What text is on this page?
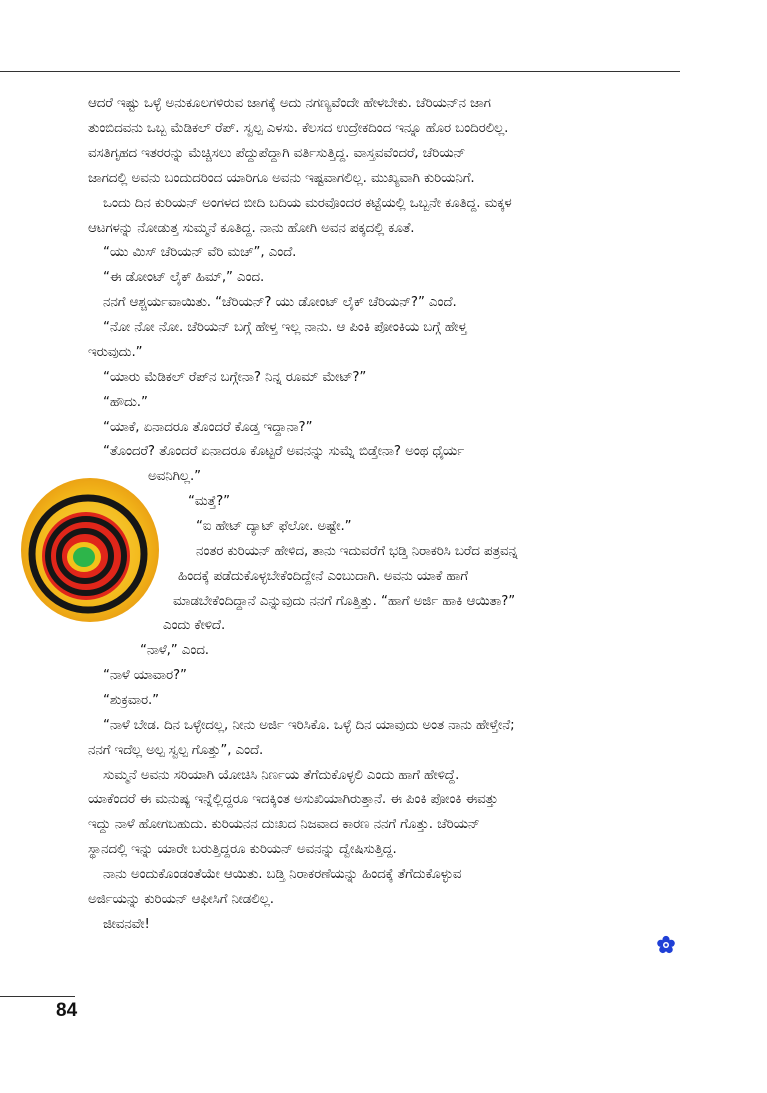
ಆದರೆ ಇಷ್ಟು ಒಳ್ಳೆ ಅನುಕೂಲಗಳಿರುವ ಜಾಗಕ್ಕೆ ಅದು ನಗಣ್ಯವೆಂದೇ ಹೇಳಬೇಕು. ಚೆರಿಯನ್‌ನ ಜಾಗ
ತುಂಬಿದವನು ಒಬ್ಬ ಮೆಡಿಕಲ್ ರೆಪ್. ಸ್ವಲ್ಪ ಎಳಸು. ಕೆಲಸದ ಉದ್ರೇಕದಿಂದ ಇನ್ನೂ ಹೊರ ಬಂದಿರಲಿಲ್ಲ.
ವಸತಿಗೃಹದ ಇತರರನ್ನು ಮೆಚ್ಚಿಸಲು ಪೆದ್ದುಪೆದ್ದಾಗಿ ವರ್ತಿಸುತ್ತಿದ್ದ. ವಾಸ್ತವವೆಂದರೆ, ಚೆರಿಯನ್
ಜಾಗದಲ್ಲಿ ಅವನು ಬಂದುದರಿಂದ ಯಾರಿಗೂ ಅವನು ಇಷ್ಟವಾಗಲಿಲ್ಲ. ಮುಖ್ಯವಾಗಿ ಕುರಿಯನಿಗೆ.
ಒಂದು ದಿನ ಕುರಿಯನ್ ಅಂಗಳದ ಬೀದಿ ಬದಿಯ ಮರವೊಂದರ ಕಟ್ಟೆಯಲ್ಲಿ ಒಬ್ಬನೇ ಕೂತಿದ್ದ. ಮಕ್ಕಳ
ಆಟಗಳನ್ನು ನೋಡುತ್ತ ಸುಮ್ಮನೆ ಕೂತಿದ್ದ. ನಾನು ಹೋಗಿ ಅವನ ಪಕ್ಕದಲ್ಲಿ ಕೂತೆ.
“ಯು ಮಿಸ್ ಚೆರಿಯನ್ ವೆರಿ ಮಚ್”, ಎಂದೆ.
“ಈ ಡೋಂಟ್ ಲೈಕ್ ಹಿಮ್,” ಎಂದ.
ನನಗೆ ಆಶ್ಚರ್ಯವಾಯಿತು. “ಚೆರಿಯನ್? ಯು ಡೋಂಟ್ ಲೈಕ್ ಚೆರಿಯನ್?” ಎಂದೆ.
“ನೋ ನೋ ನೋ. ಚೆರಿಯನ್ ಬಗ್ಗೆ ಹೇಳ್ತ ಇಲ್ಲ ನಾನು. ಆ ಪಿಂಕಿ ಪೋಂಕಿಯ ಬಗ್ಗೆ ಹೇಳ್ತ
ಇರುವುದು.”
“ಯಾರು ಮೆಡಿಕಲ್ ರೆಪ್‌ನ ಬಗ್ಗೇನಾ? ನಿನ್ನ ರೂಮ್ ಮೇಟ್?”
“ಹೌದು.”
“ಯಾಕೆ, ಏನಾದರೂ ತೊಂದರೆ ಕೊಡ್ತ ಇದ್ದಾನಾ?”
“ತೊಂದರೆ? ತೊಂದರೆ ಏನಾದರೂ ಕೊಟ್ಟರೆ ಅವನನ್ನು ಸುಮ್ನೆ ಬಿಡ್ತೇನಾ? ಅಂಥ ಧೈರ್ಯ
ಅವನಿಗಿಲ್ಲ.”
“ಮತ್ತೆ?”
“ಐ ಹೇಟ್ ದ್ಯಾಟ್ ಫೆಲೋ. ಅಷ್ಟೇ.”
ನಂತರ ಕುರಿಯನ್ ಹೇಳಿದ, ತಾನು ಇದುವರೆಗೆ ಭಡ್ತಿ ನಿರಾಕರಿಸಿ ಬರೆದ ಪತ್ರವನ್ನ
ಹಿಂದಕ್ಕೆ ಪಡೆದುಕೊಳ್ಳಬೇಕೆಂದಿದ್ದೇನೆ ಎಂಬುದಾಗಿ. ಅವನು ಯಾಕೆ ಹಾಗೆ
ಮಾಡಬೇಕೆಂದಿದ್ದಾನೆ ಎನ್ನುವುದು ನನಗೆ ಗೊತ್ತಿತ್ತು. “ಹಾಗೆ ಅರ್ಜಿ ಹಾಕಿ ಆಯಿತಾ?”
ಎಂದು ಕೇಳಿದೆ.
“ನಾಳೆ,” ಎಂದ.
“ನಾಳೆ ಯಾವಾರ?”
“ಶುಕ್ರವಾರ.”
“ನಾಳೆ ಬೇಡ. ದಿನ ಒಳ್ಳೇದಲ್ಲ, ನೀನು ಅರ್ಜಿ ಇರಿಸಿಕೊ. ಒಳ್ಳೆ ದಿನ ಯಾವುದು ಅಂತ ನಾನು ಹೇಳ್ತೇನೆ;
ನನಗೆ ಇದೆಲ್ಲ ಅಲ್ಪ ಸ್ವಲ್ಪ ಗೊತ್ತು”, ಎಂದೆ.
ಸುಮ್ಮನೆ ಅವನು ಸರಿಯಾಗಿ ಯೋಚಿಸಿ ನಿರ್ಣಯ ತೆಗೆದುಕೊಳ್ಳಲಿ ಎಂದು ಹಾಗೆ ಹೇಳಿದ್ದೆ.
ಯಾಕೆಂದರೆ ಈ ಮನುಷ್ಯ ಇನ್ನೆಲ್ಲಿದ್ದರೂ ಇದಕ್ಕಿಂತ ಅಸುಖಿಯಾಗಿರುತ್ತಾನೆ. ಈ ಪಿಂಕಿ ಪೋಂಕಿ ಈವತ್ತು
ಇದ್ದು ನಾಳೆ ಹೋಗಬಹುದು. ಕುರಿಯನನ ದುಃಖದ ನಿಜವಾದ ಕಾರಣ ನನಗೆ ಗೊತ್ತು. ಚೆರಿಯನ್
ಸ್ಥಾನದಲ್ಲಿ ಇನ್ನು ಯಾರೇ ಬರುತ್ತಿದ್ದರೂ ಕುರಿಯನ್ ಅವನನ್ನು ದ್ವೇಷಿಸುತ್ತಿದ್ದ.
ನಾನು ಅಂದುಕೊಂಡಂತೆಯೇ ಆಯಿತು. ಬಡ್ತಿ ನಿರಾಕರಣೆಯನ್ನು ಹಿಂದಕ್ಕೆ ತೆಗೆದುಕೊಳ್ಳುವ
ಅರ್ಜಿಯನ್ನು ಕುರಿಯನ್ ಆಫೀಸಿಗೆ ನೀಡಲಿಲ್ಲ.
ಜೀವನವೇ!
84
